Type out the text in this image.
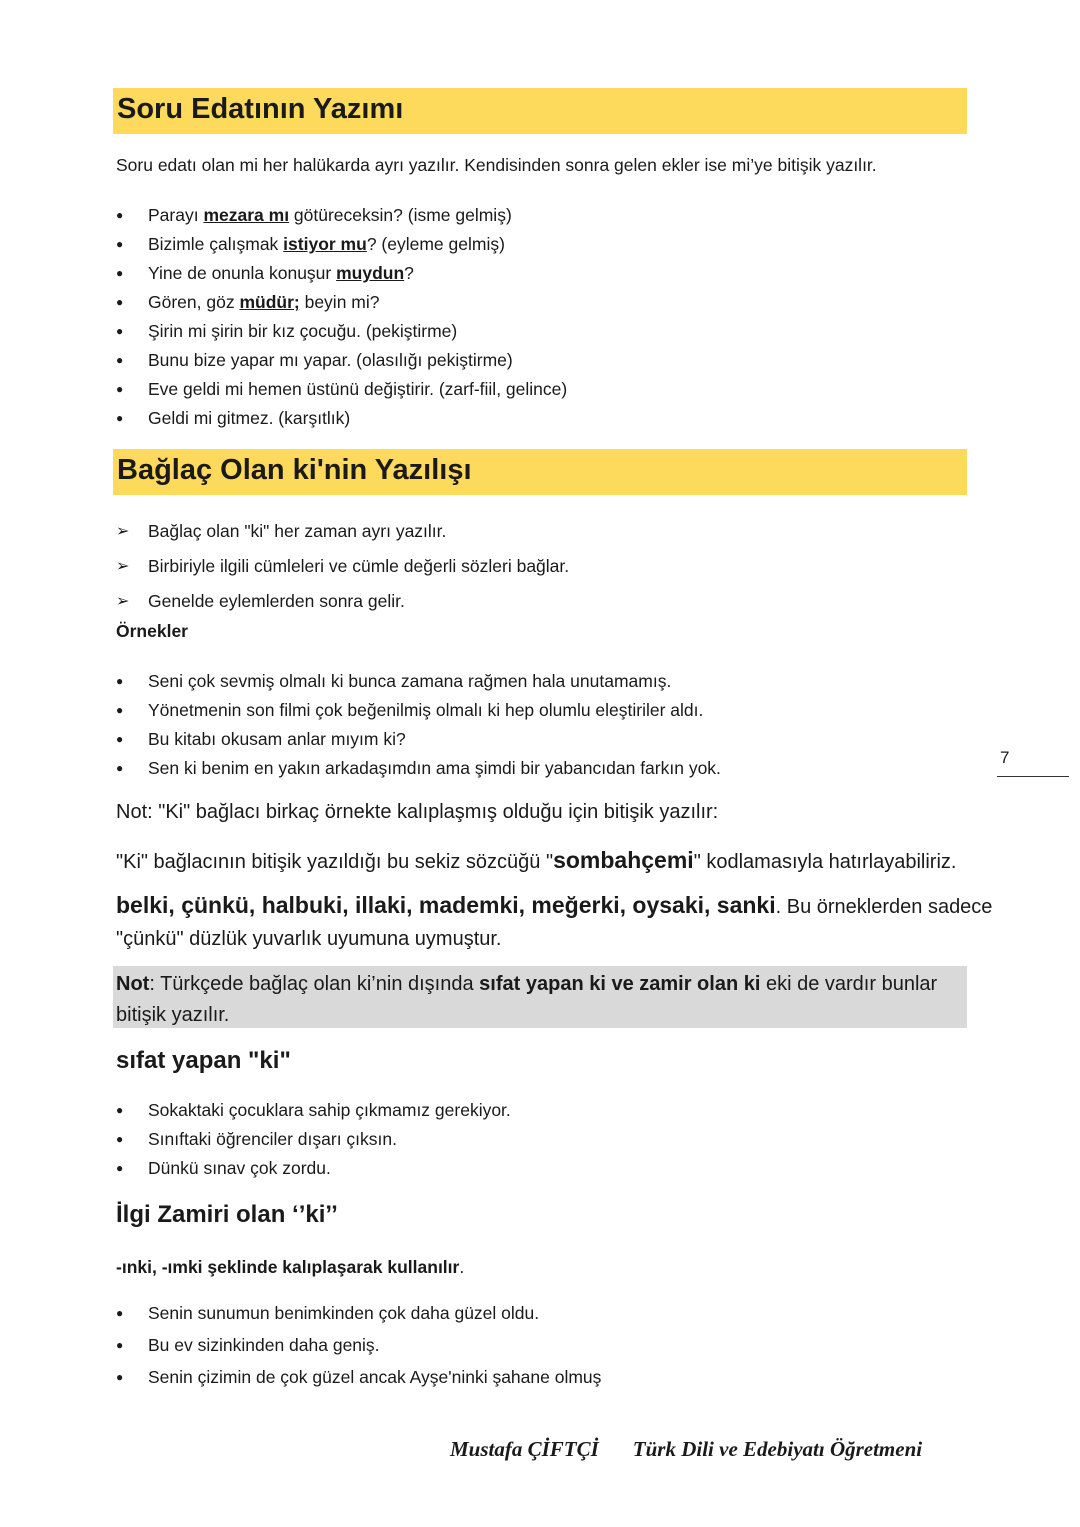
Soru Edatının Yazımı
Soru edatı olan mi her halükarda ayrı yazılır. Kendisinden sonra gelen ekler ise mi’ye bitişik yazılır.
● Parayı mezara mı götüreceksin? (isme gelmiş)
● Bizimle çalışmak istiyor mu? (eyleme gelmiş)
● Yine de onunla konuşur muydun?
● Gören, göz müdür; beyin mi?
● Şirin mi şirin bir kız çocuğu. (pekiştirme)
● Bunu bize yapar mı yapar. (olasılığı pekiştirme)
● Eve geldi mi hemen üstünü değiştirir. (zarf-fiil, gelince)
● Geldi mi gitmez. (karşıtlık)
Bağlaç Olan ki'nin Yazılışı
➢ Bağlaç olan "ki" her zaman ayrı yazılır.
➢ Birbiriyle ilgili cümleleri ve cümle değerli sözleri bağlar.
➢ Genelde eylemlerden sonra gelir.
Örnekler
● Seni çok sevmiş olmalı ki bunca zamana rağmen hala unutamamış.
● Yönetmenin son filmi çok beğenilmiş olmalı ki hep olumlu eleştiriler aldı.
● Bu kitabı okusam anlar mıyım ki?
● Sen ki benim en yakın arkadaşımdın ama şimdi bir yabancıdan farkın yok.
Not: "Ki" bağlacı birkaç örnekte kalıplaşmış olduğu için bitişik yazılır:
"Ki" bağlacının bitişik yazıldığı bu sekiz sözcüğü "sombahçemi" kodlamasıyla hatırlayabiliriz.
belki, çünkü, halbuki, illaki, mademki, meğerki, oysaki, sanki. Bu örneklerden sadece
"çünkü" düzlük yuvarlık uyumuna uymuştur.
Not: Türkçede bağlaç olan ki’nin dışında sıfat yapan ki ve zamir olan ki eki de vardır bunlar bitişik yazılır.
sıfat yapan "ki"
● Sokaktaki çocuklara sahip çıkmamız gerekiyor.
● Sınıftaki öğrenciler dışarı çıksın.
● Dünkü sınav çok zordu.
İlgi Zamiri olan ‘’ki’’
-ınki, -ımki şeklinde kalıplaşarak kullanılır.
● Senin sunumun benimkinden çok daha güzel oldu.
● Bu ev sizinkinden daha geniş.
● Senin çizimin de çok güzel ancak Ayşe'ninki şahane olmuş
7
Mustafa ÇİFTÇİ Türk Dili ve Edebiyatı Öğretmeni
